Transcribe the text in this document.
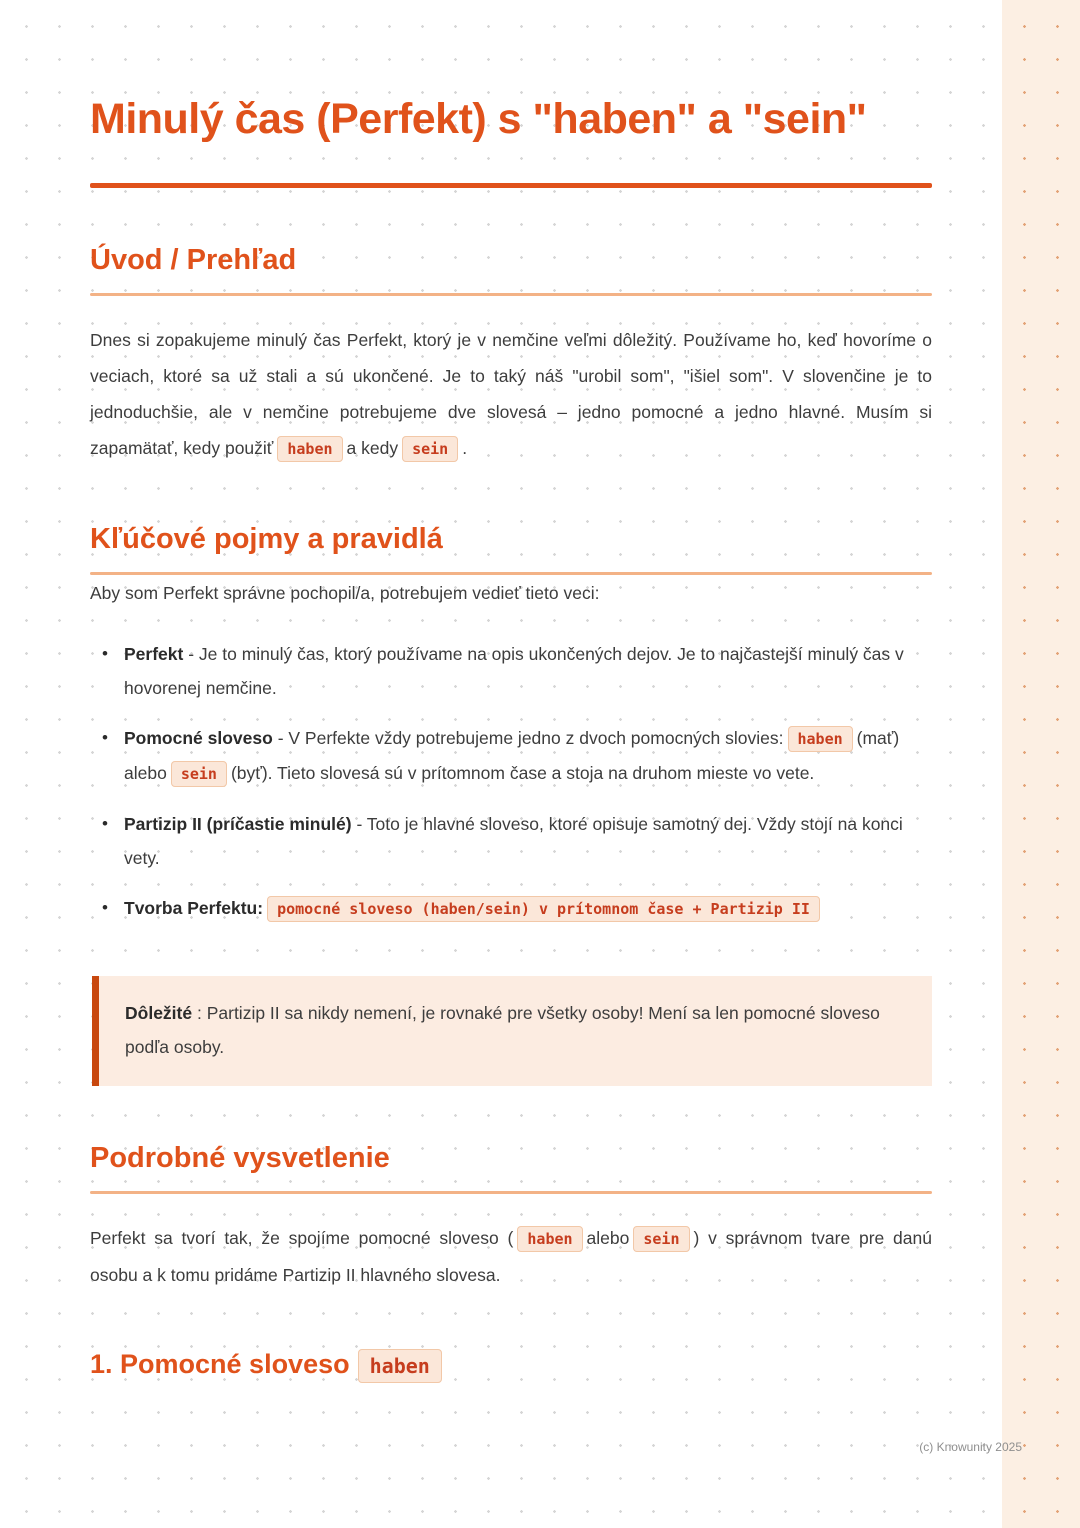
Minulý čas (Perfekt) s "haben" a "sein"
Úvod / Prehľad
Dnes si zopakujeme minulý čas Perfekt, ktorý je v nemčine veľmi dôležitý. Používame ho, keď hovoríme o veciach, ktoré sa už stali a sú ukončené. Je to taký náš "urobil som", "išiel som". V slovenčine je to jednoduchšie, ale v nemčine potrebujeme dve slovesá – jedno pomocné a jedno hlavné. Musím si zapamätať, kedy použiť haben a kedy sein .
Kľúčové pojmy a pravidlá

Aby som Perfekt správne pochopil/a, potrebujem vedieť tieto veci:

• Perfekt - Je to minulý čas, ktorý používame na opis ukončených dejov. Je to najčastejší minulý čas v hovorenej nemčine.
• Pomocné sloveso - V Perfekte vždy potrebujeme jedno z dvoch pomocných slovies: haben (mať) alebo sein (byť). Tieto slovesá sú v prítomnom čase a stoja na druhom mieste vo vete.
• Partizip II (príčastie minulé) - Toto je hlavné sloveso, ktoré opisuje samotný dej. Vždy stojí na konci vety.
• Tvorba Perfektu: pomocné sloveso (haben/sein) v prítomnom čase + Partizip II
Dôležité : Partizip II sa nikdy nemení, je rovnaké pre všetky osoby! Mení sa len pomocné sloveso podľa osoby.
Podrobné vysvetlenie
Perfekt sa tvorí tak, že spojíme pomocné sloveso ( haben alebo sein ) v správnom tvare pre danú osobu a k tomu pridáme Partizip II hlavného slovesa.
1. Pomocné sloveso haben
(c) Knowunity 2025
